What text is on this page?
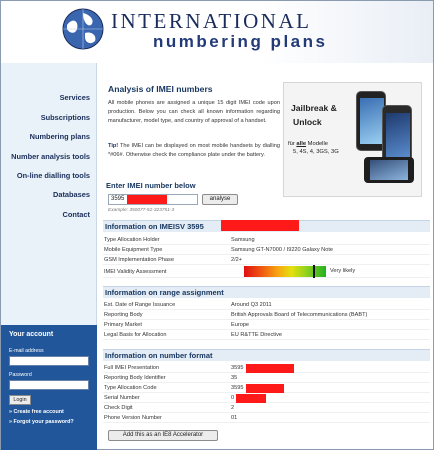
INTERNATIONAL
numbering plans
Services
Subscriptions
Numbering plans
Number analysis tools
On-line dialling tools
Databases
Contact
Your account
E-mail address
Password
Login
» Create free account
» Forgot your password?
Analysis of IMEI numbers
All mobile phones are assigned a unique 15 digit IMEI code upon production. Below you can check all known information regarding manufacturer, model type, and country of approval of a handset.
Tip! The IMEI can be displayed on most mobile handsets by dialling *#06#. Otherwise check the compliance plate under the battery.
Jailbreak &
Unlock
für alle Modelle
5, 4S, 4, 3GS, 3G
Enter IMEI number below
3595	analyse
Example: 350077-52-323751-3
Information on IMEISV 3595
Type Allocation Holder	Samsung
Mobile Equipment Type	Samsung GT-N7000 / I9220 Galaxy Note
GSM Implementation Phase	2/2+
IMEI Validity Assessment	Very likely
Information on range assignment
Est. Date of Range Issuance	Around Q3 2011
Reporting Body	British Approvals Board of Telecommunications (BABT)
Primary Market	Europe
Legal Basis for Allocation	EU R&TTE Directive
Information on number format
Full IMEI Presentation	3595
Reporting Body Identifier	35
Type Allocation Code	3595
Serial Number	0
Check Digit	2
Phone Version Number	01
Add this as an IE8 Accelerator
